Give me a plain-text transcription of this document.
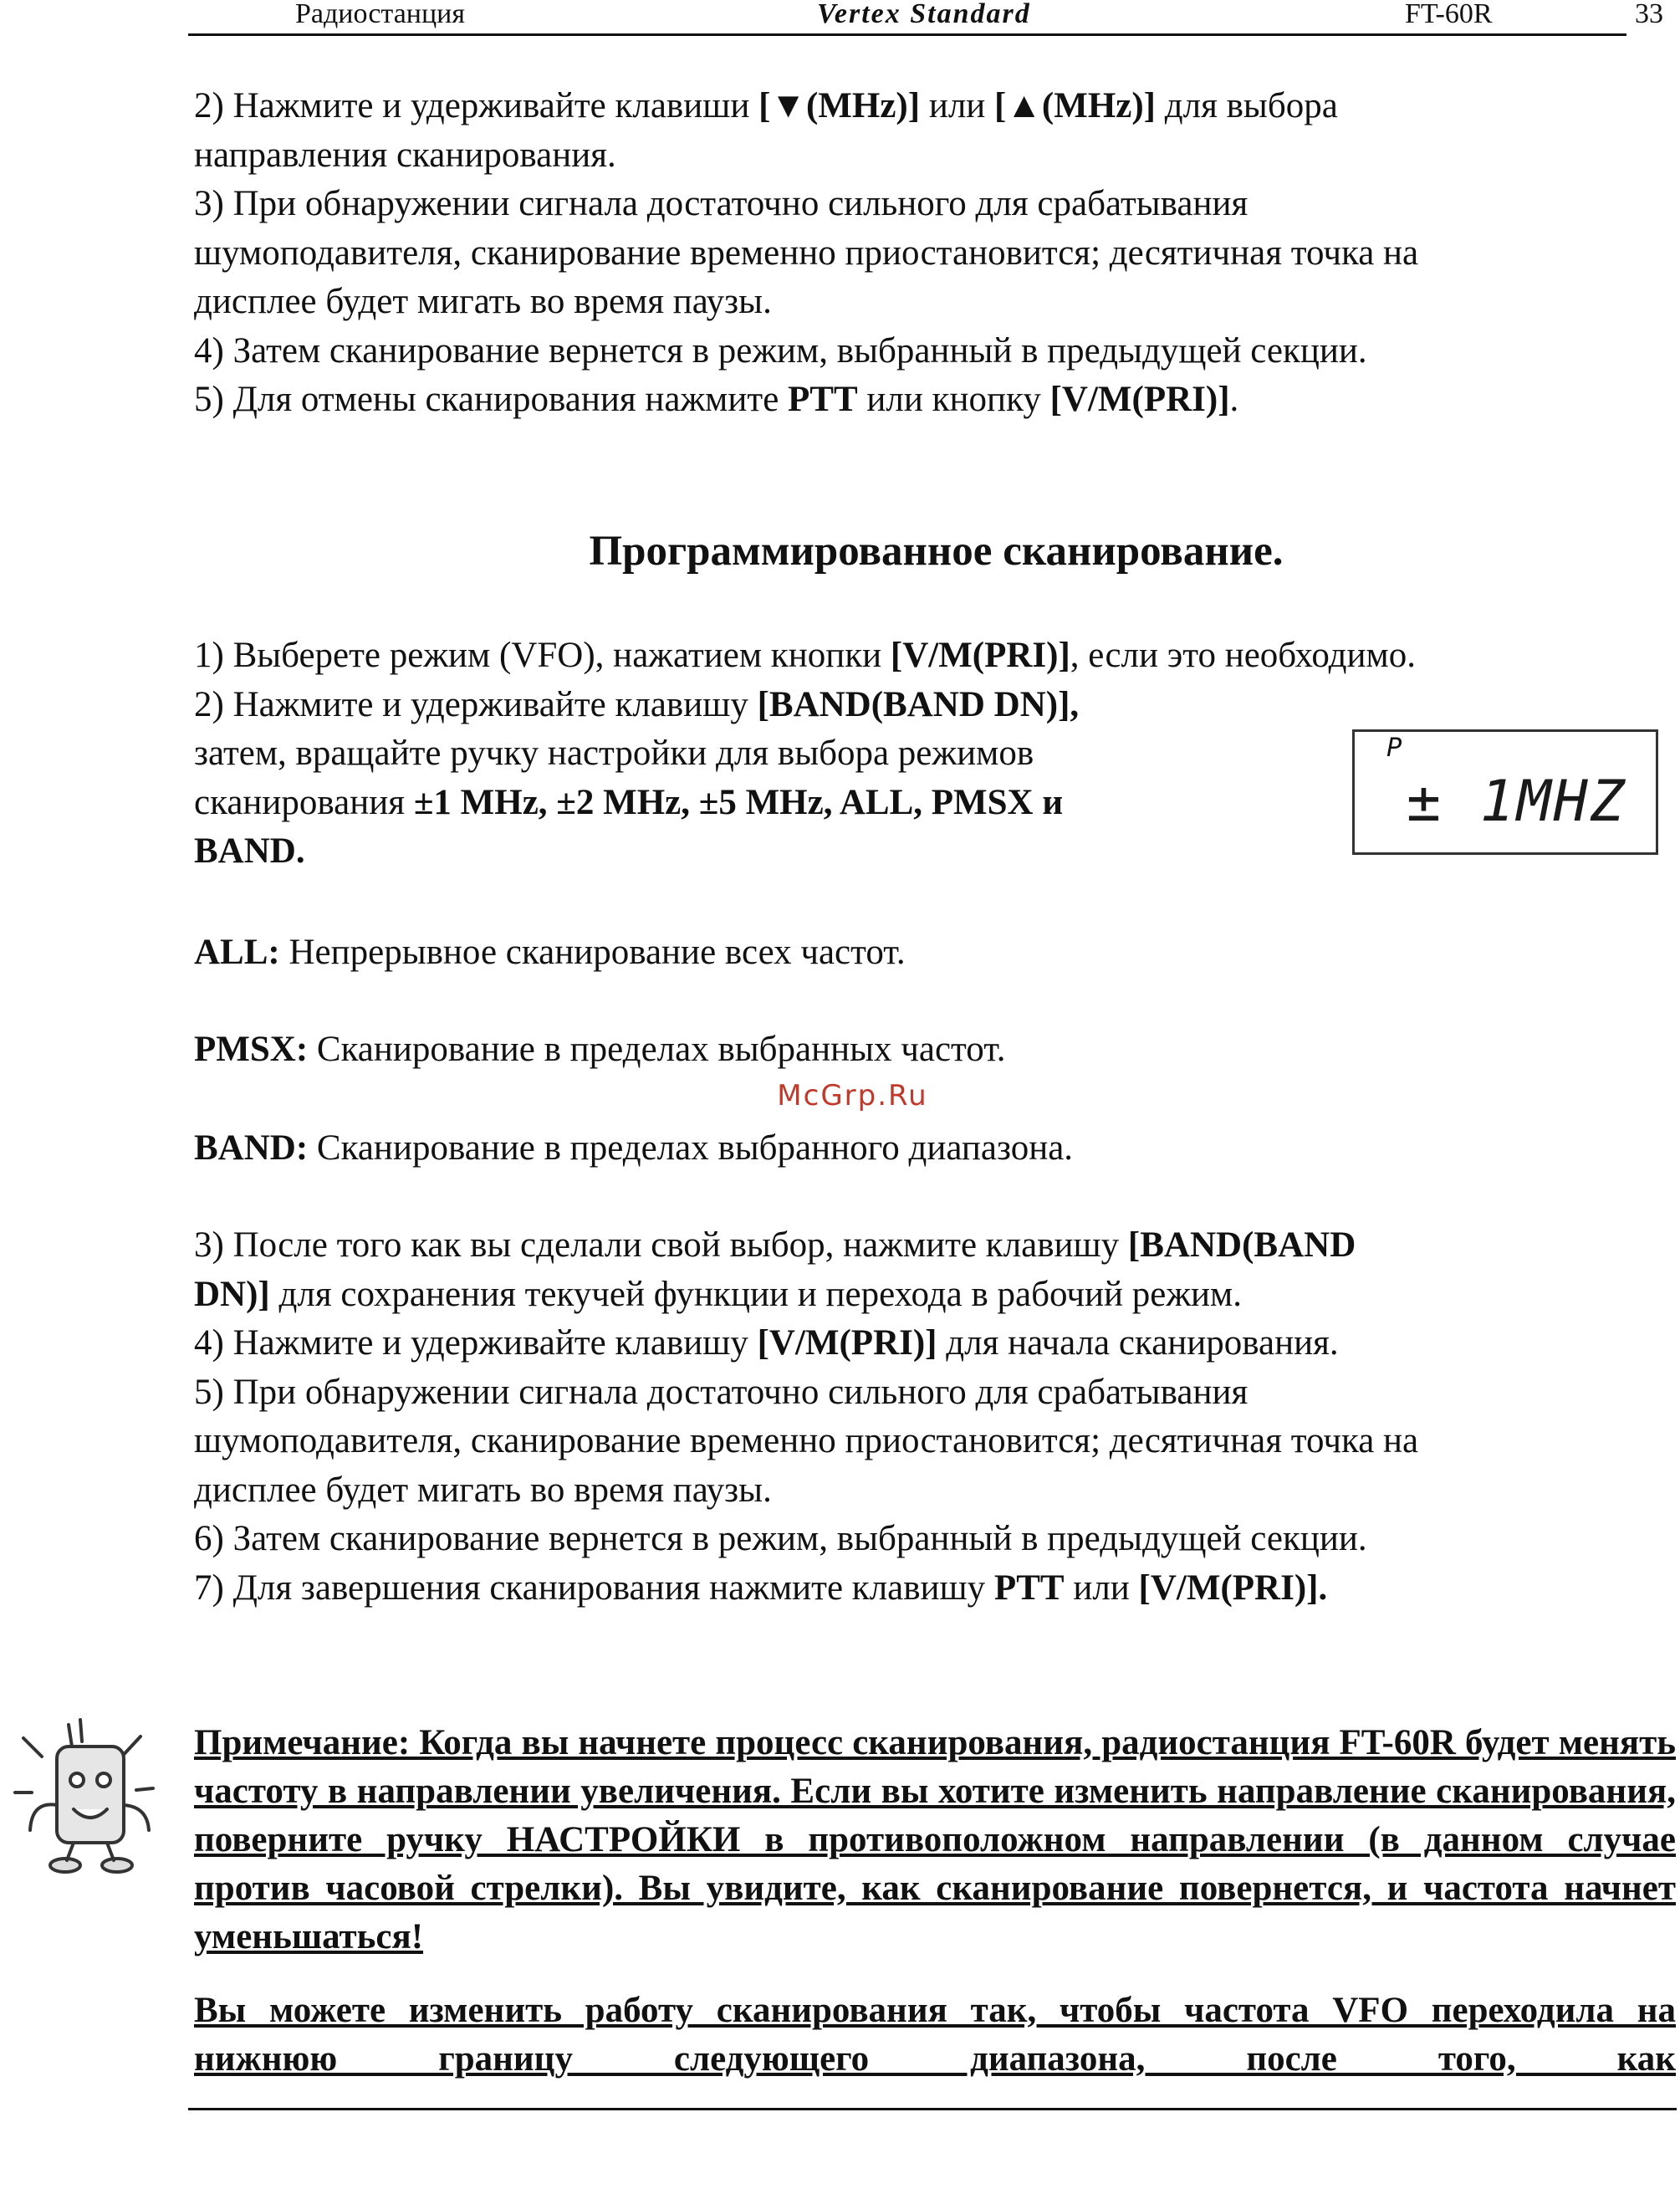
Радиостанция	Vertex Standard	FT-60R	33

2) Нажмите и удерживайте клавиши [▼(MHz)] или [▲(MHz)] для выбора

направления сканирования.

3) При обнаружении сигнала достаточно сильного для срабатывания

шумоподавителя, сканирование временно приостановится; десятичная точка на

дисплее будет мигать во время паузы.

4) Затем сканирование вернется в режим, выбранный в предыдущей секции.

5) Для отмены сканирования нажмите PTT или кнопку [V/M(PRI)].

Программированное сканирование.

1) Выберете режим (VFO), нажатием кнопки [V/M(PRI)], если это необходимо.

2) Нажмите и удерживайте клавишу [BAND(BAND DN)],

затем, вращайте ручку настройки для выбора режимов

сканирования ±1 MHz, ±2 MHz, ±5 MHz, ALL, PMSX и

BAND.

P
± 1MHZ

ALL: Непрерывное сканирование всех частот.

PMSX: Сканирование в пределах выбранных частот.

McGrp.Ru

BAND: Сканирование в пределах выбранного диапазона.

3) После того как вы сделали свой выбор, нажмите клавишу [BAND(BAND

DN)] для сохранения текучей функции и перехода в рабочий режим.

4) Нажмите и удерживайте клавишу [V/M(PRI)] для начала сканирования.

5) При обнаружении сигнала достаточно сильного для срабатывания

шумоподавителя, сканирование временно приостановится; десятичная точка на

дисплее будет мигать во время паузы.

6) Затем сканирование вернется в режим, выбранный в предыдущей секции.

7) Для завершения сканирования нажмите клавишу PTT или [V/M(PRI)].

Примечание: Когда вы начнете процесс сканирования, радиостанция FT-60R будет менять частоту в направлении увеличения. Если вы хотите изменить направление сканирования, поверните ручку НАСТРОЙКИ в противоположном направлении (в данном случае против часовой стрелки). Вы увидите, как сканирование повернется, и частота начнет уменьшаться!

Вы можете изменить работу сканирования так, чтобы частота VFO переходила на нижнюю границу следующего диапазона, после того, как
